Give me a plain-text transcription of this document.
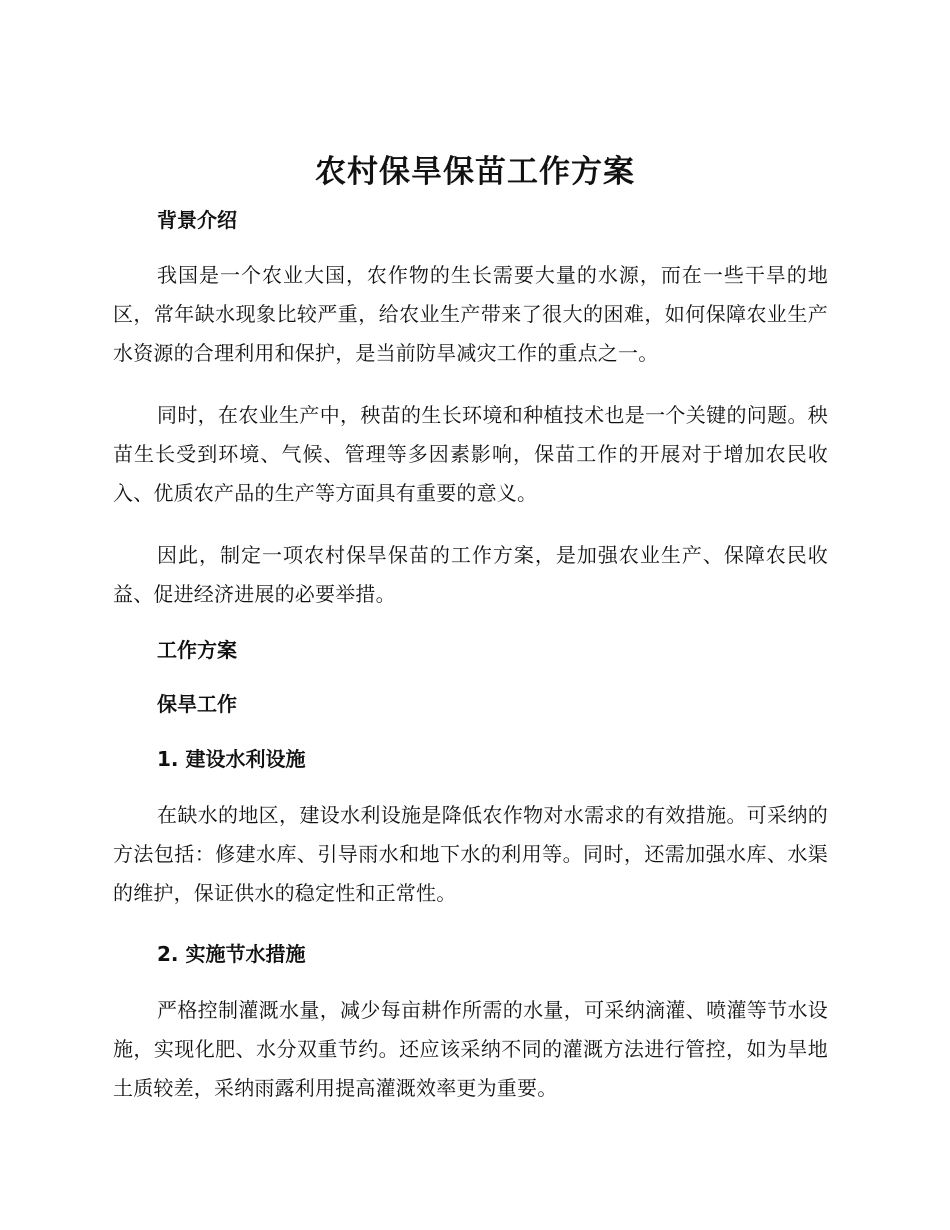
农村保旱保苗工作方案
背景介绍
我国是一个农业大国，农作物的生长需要大量的水源，而在一些干旱的地区，常年缺水现象比较严重，给农业生产带来了很大的困难，如何保障农业生产水资源的合理利用和保护，是当前防旱减灾工作的重点之一。
同时，在农业生产中，秧苗的生长环境和种植技术也是一个关键的问题。秧苗生长受到环境、气候、管理等多因素影响，保苗工作的开展对于增加农民收入、优质农产品的生产等方面具有重要的意义。
因此，制定一项农村保旱保苗的工作方案，是加强农业生产、保障农民收益、促进经济进展的必要举措。
工作方案
保旱工作
1. 建设水利设施
在缺水的地区，建设水利设施是降低农作物对水需求的有效措施。可采纳的方法包括：修建水库、引导雨水和地下水的利用等。同时，还需加强水库、水渠的维护，保证供水的稳定性和正常性。
2. 实施节水措施
严格控制灌溉水量，减少每亩耕作所需的水量，可采纳滴灌、喷灌等节水设施，实现化肥、水分双重节约。还应该采纳不同的灌溉方法进行管控，如为旱地土质较差，采纳雨露利用提高灌溉效率更为重要。
